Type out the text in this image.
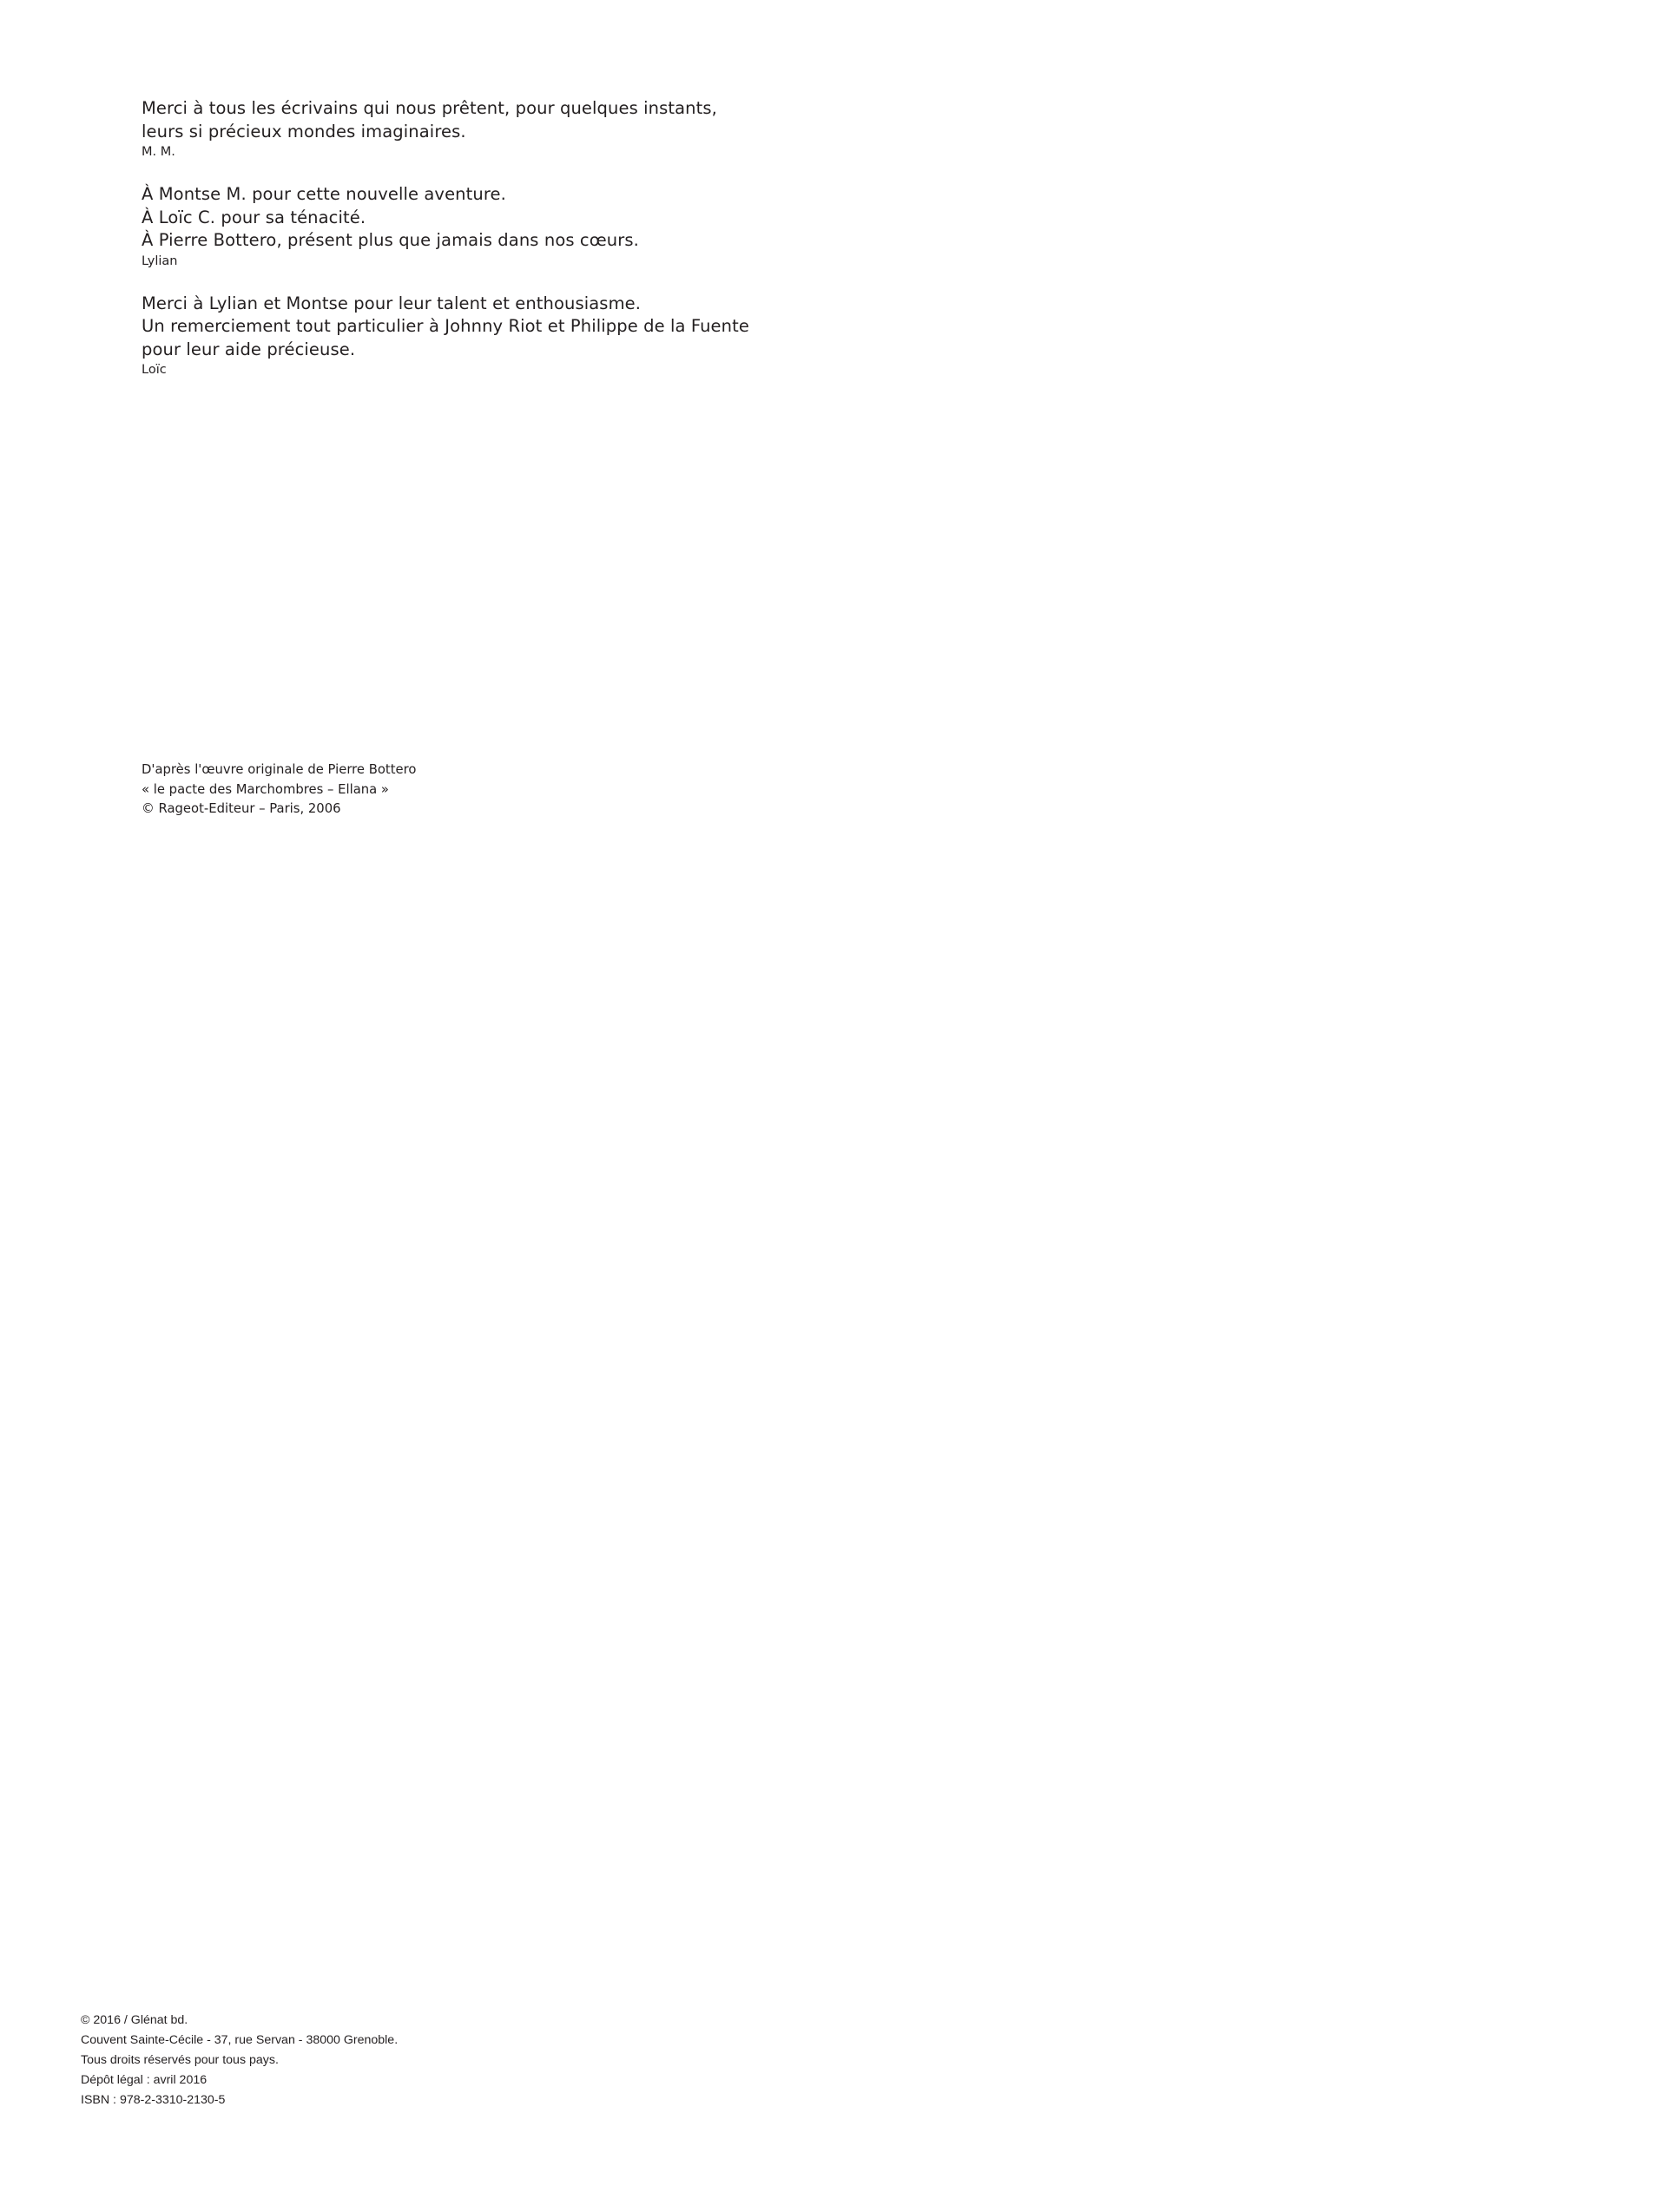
Merci à tous les écrivains qui nous prêtent, pour quelques instants,
leurs si précieux mondes imaginaires.
M. M.
À Montse M. pour cette nouvelle aventure.
À Loïc C. pour sa ténacité.
À Pierre Bottero, présent plus que jamais dans nos cœurs.
Lylian
Merci à Lylian et Montse pour leur talent et enthousiasme.
Un remerciement tout particulier à Johnny Riot et Philippe de la Fuente
pour leur aide précieuse.
Loïc
D'après l'œuvre originale de Pierre Bottero
« le pacte des Marchombres – Ellana »
© Rageot-Editeur – Paris, 2006
© 2016 / Glénat bd.
Couvent Sainte-Cécile - 37, rue Servan - 38000 Grenoble.
Tous droits réservés pour tous pays.
Dépôt légal : avril 2016
ISBN : 978-2-3310-2130-5
